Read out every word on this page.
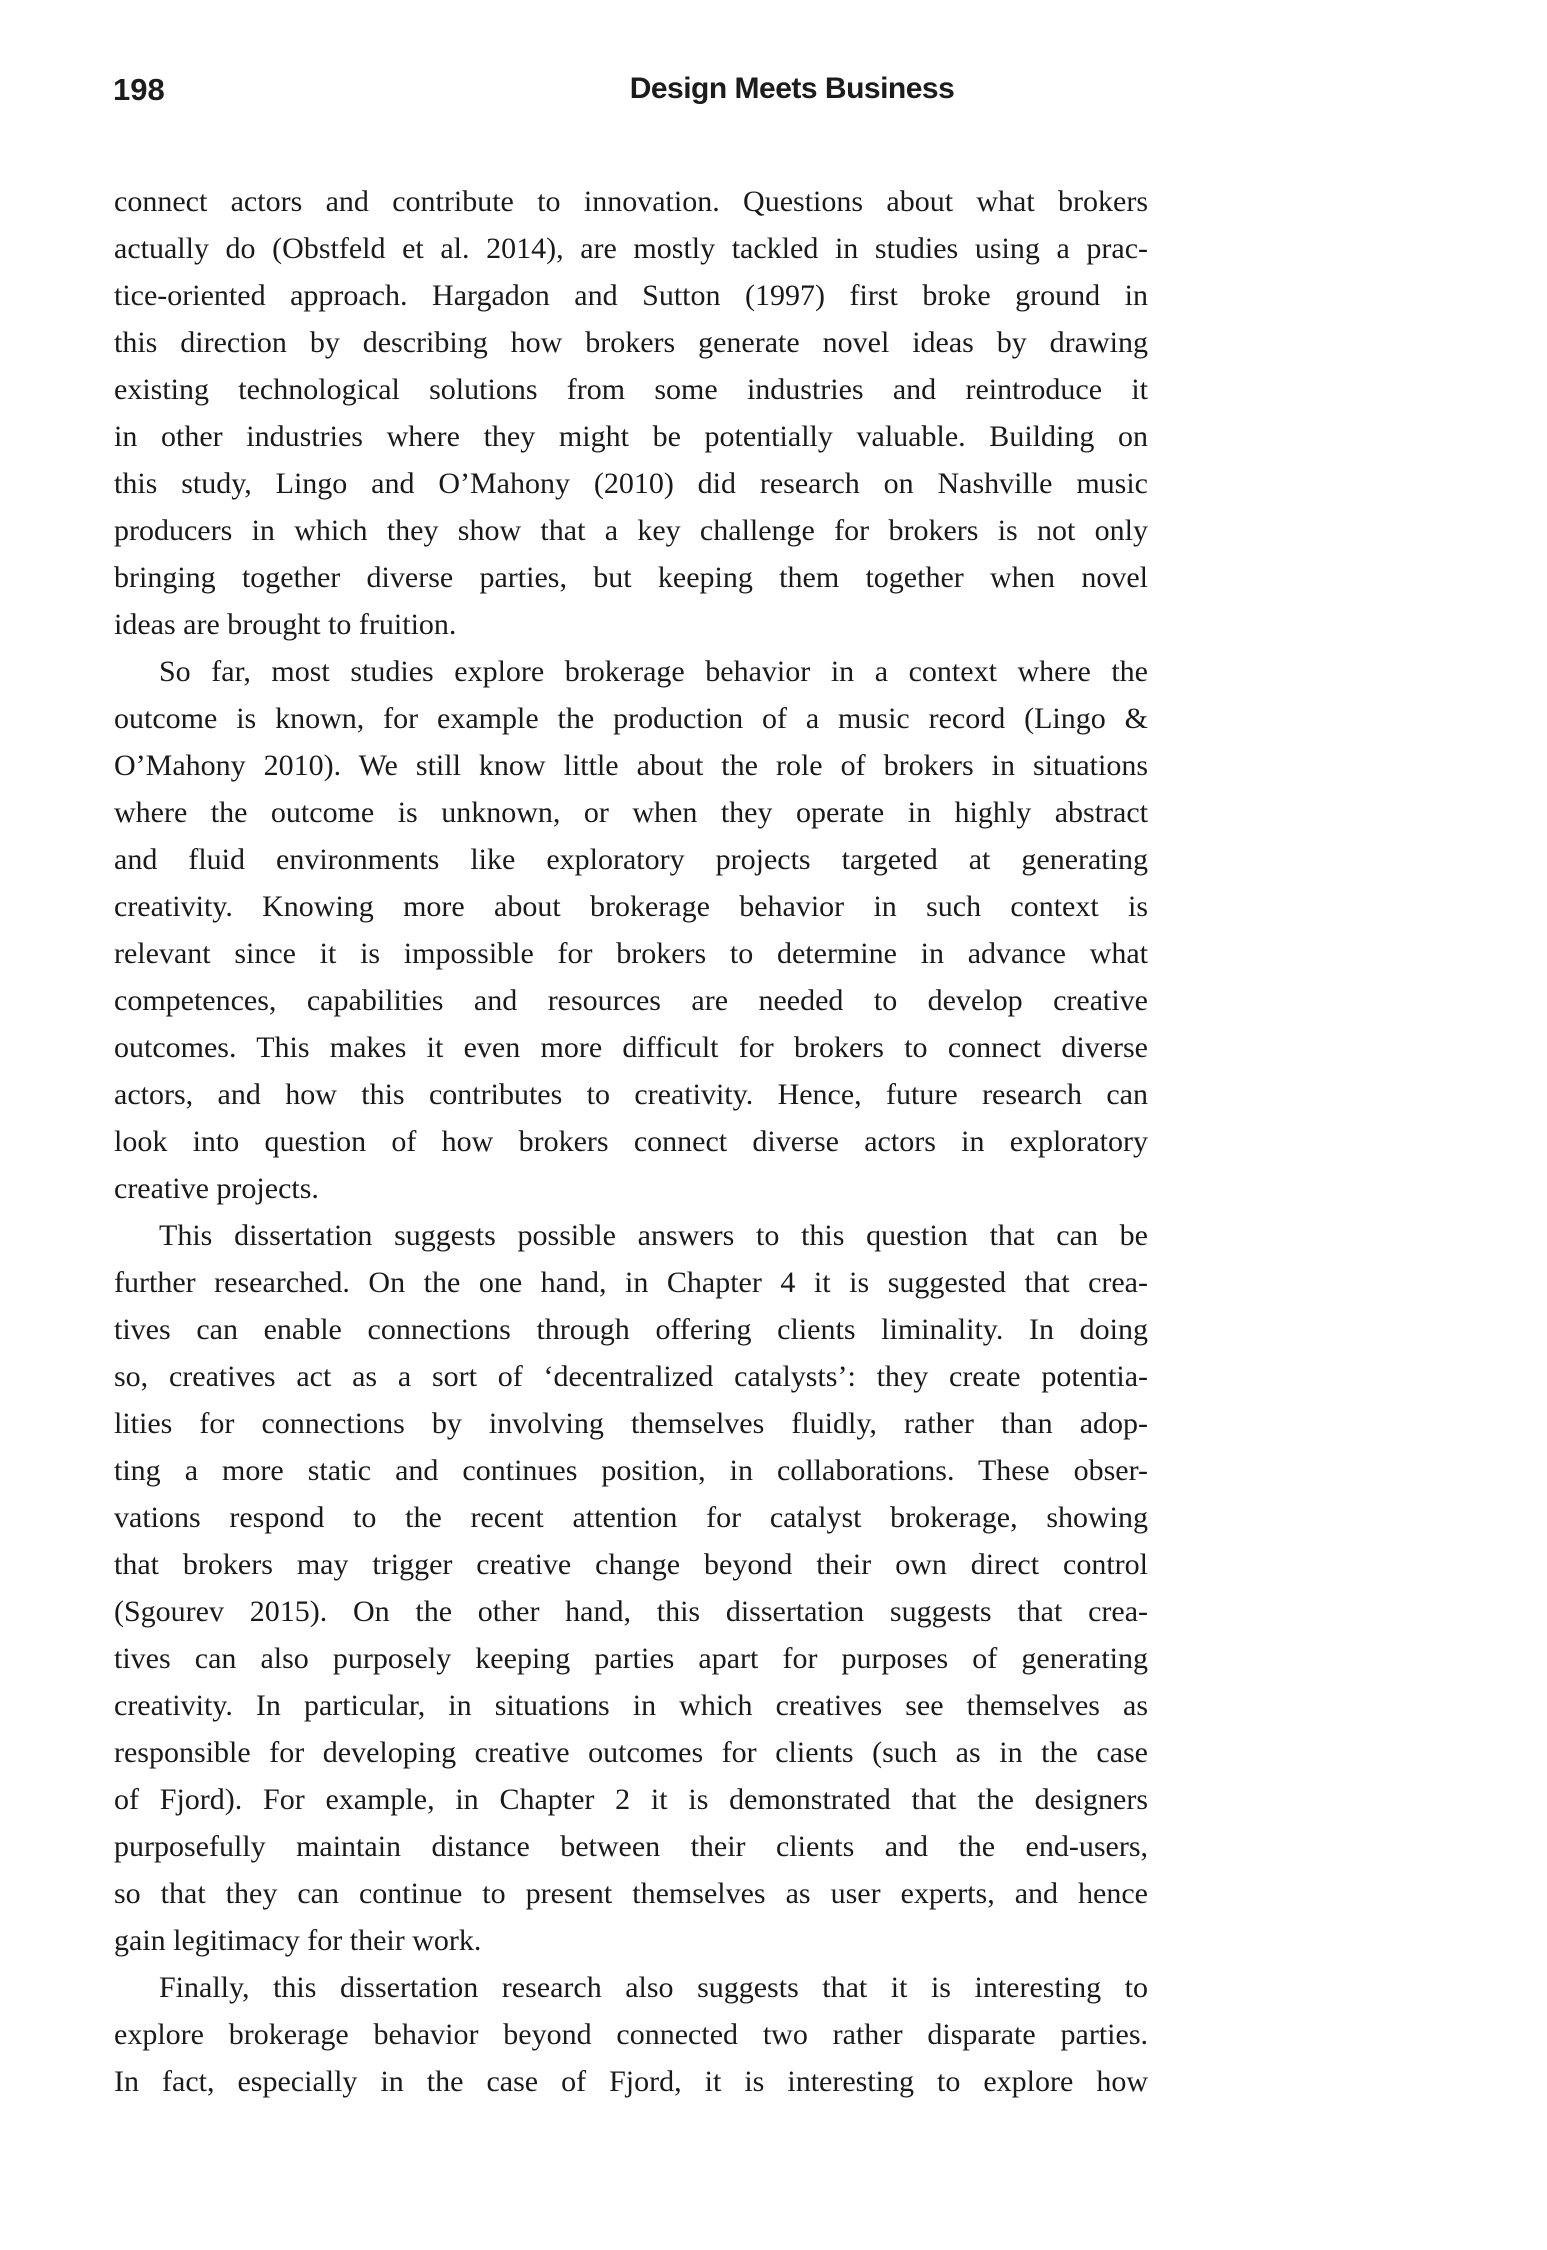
198	Design Meets Business
connect actors and contribute to innovation. Questions about what brokers
actually do (Obstfeld et al. 2014), are mostly tackled in studies using a prac-
tice-oriented approach. Hargadon and Sutton (1997) first broke ground in
this direction by describing how brokers generate novel ideas by drawing
existing technological solutions from some industries and reintroduce it
in other industries where they might be potentially valuable. Building on
this study, Lingo and O’Mahony (2010) did research on Nashville music
producers in which they show that a key challenge for brokers is not only
bringing together diverse parties, but keeping them together when novel
ideas are brought to fruition.
So far, most studies explore brokerage behavior in a context where the
outcome is known, for example the production of a music record (Lingo &
O’Mahony 2010). We still know little about the role of brokers in situations
where the outcome is unknown, or when they operate in highly abstract
and fluid environments like exploratory projects targeted at generating
creativity. Knowing more about brokerage behavior in such context is
relevant since it is impossible for brokers to determine in advance what
competences, capabilities and resources are needed to develop creative
outcomes. This makes it even more difficult for brokers to connect diverse
actors, and how this contributes to creativity. Hence, future research can
look into question of how brokers connect diverse actors in exploratory
creative projects.
This dissertation suggests possible answers to this question that can be
further researched. On the one hand, in Chapter 4 it is suggested that crea-
tives can enable connections through offering clients liminality. In doing
so, creatives act as a sort of ‘decentralized catalysts’: they create potentia-
lities for connections by involving themselves fluidly, rather than adop-
ting a more static and continues position, in collaborations. These obser-
vations respond to the recent attention for catalyst brokerage, showing
that brokers may trigger creative change beyond their own direct control
(Sgourev 2015). On the other hand, this dissertation suggests that crea-
tives can also purposely keeping parties apart for purposes of generating
creativity. In particular, in situations in which creatives see themselves as
responsible for developing creative outcomes for clients (such as in the case
of Fjord). For example, in Chapter 2 it is demonstrated that the designers
purposefully maintain distance between their clients and the end-users,
so that they can continue to present themselves as user experts, and hence
gain legitimacy for their work.
Finally, this dissertation research also suggests that it is interesting to
explore brokerage behavior beyond connected two rather disparate parties.
In fact, especially in the case of Fjord, it is interesting to explore how
